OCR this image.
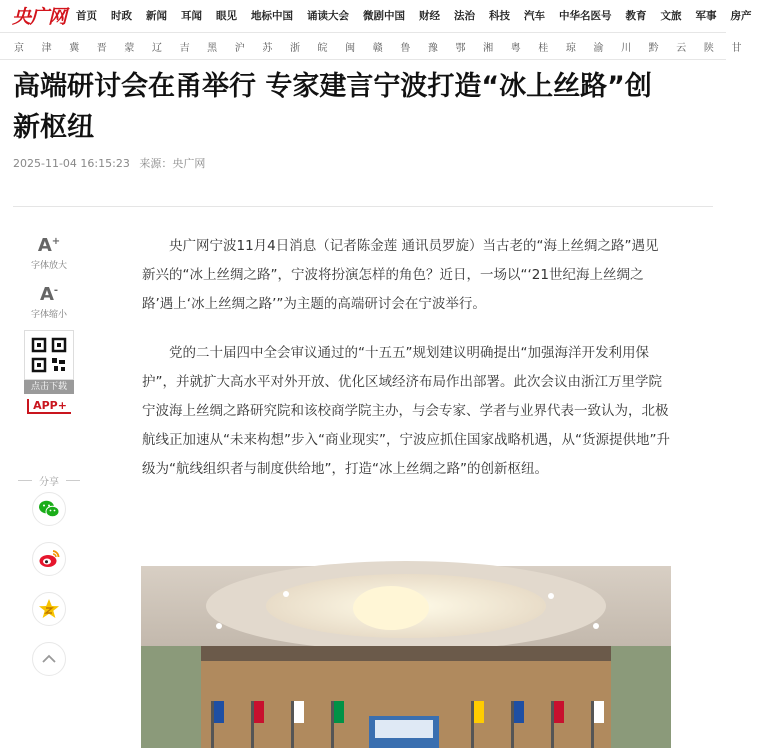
央广网 首页 时政 新闻 耳闻 眼见 地标中国 诵读大会 微剧中国 财经 法治 科技 汽车 中华名医号 教育 文旅 军事 房产
京	津	冀	晋	蒙	辽	吉	黑	沪	苏	浙	皖	闽	赣	鲁	豫	鄂	湘	粤	桂	琼	渝	川	黔	云	陕	甘
高端研讨会在甬举行 专家建言宁波打造“冰上丝路”创新枢纽
2025-11-04 16:15:23 来源：央广网
A+
字体放大
A-
字体缩小
点击下载
APP+
分享

央广网宁波11月4日消息（记者陈金莲 通讯员罗旋）当古老的“海上丝绸之路”遇见新兴的“冰上丝绸之路”，宁波将扮演怎样的角色？近日，一场以“‘21世纪海上丝绸之路’遇上‘冰上丝绸之路’”为主题的高端研讨会在宁波举行。

党的二十届四中全会审议通过的“十五五”规划建议明确提出“加强海洋开发利用保护”，并就扩大高水平对外开放、优化区域经济布局作出部署。此次会议由浙江万里学院宁波海上丝绸之路研究院和该校商学院主办，与会专家、学者与业界代表一致认为，北极航线正加速从“未来构想”步入“商业现实”，宁波应抓住国家战略机遇，从“货源提供地”升级为“航线组织者与制度供给地”，打造“冰上丝绸之路”的创新枢纽。
